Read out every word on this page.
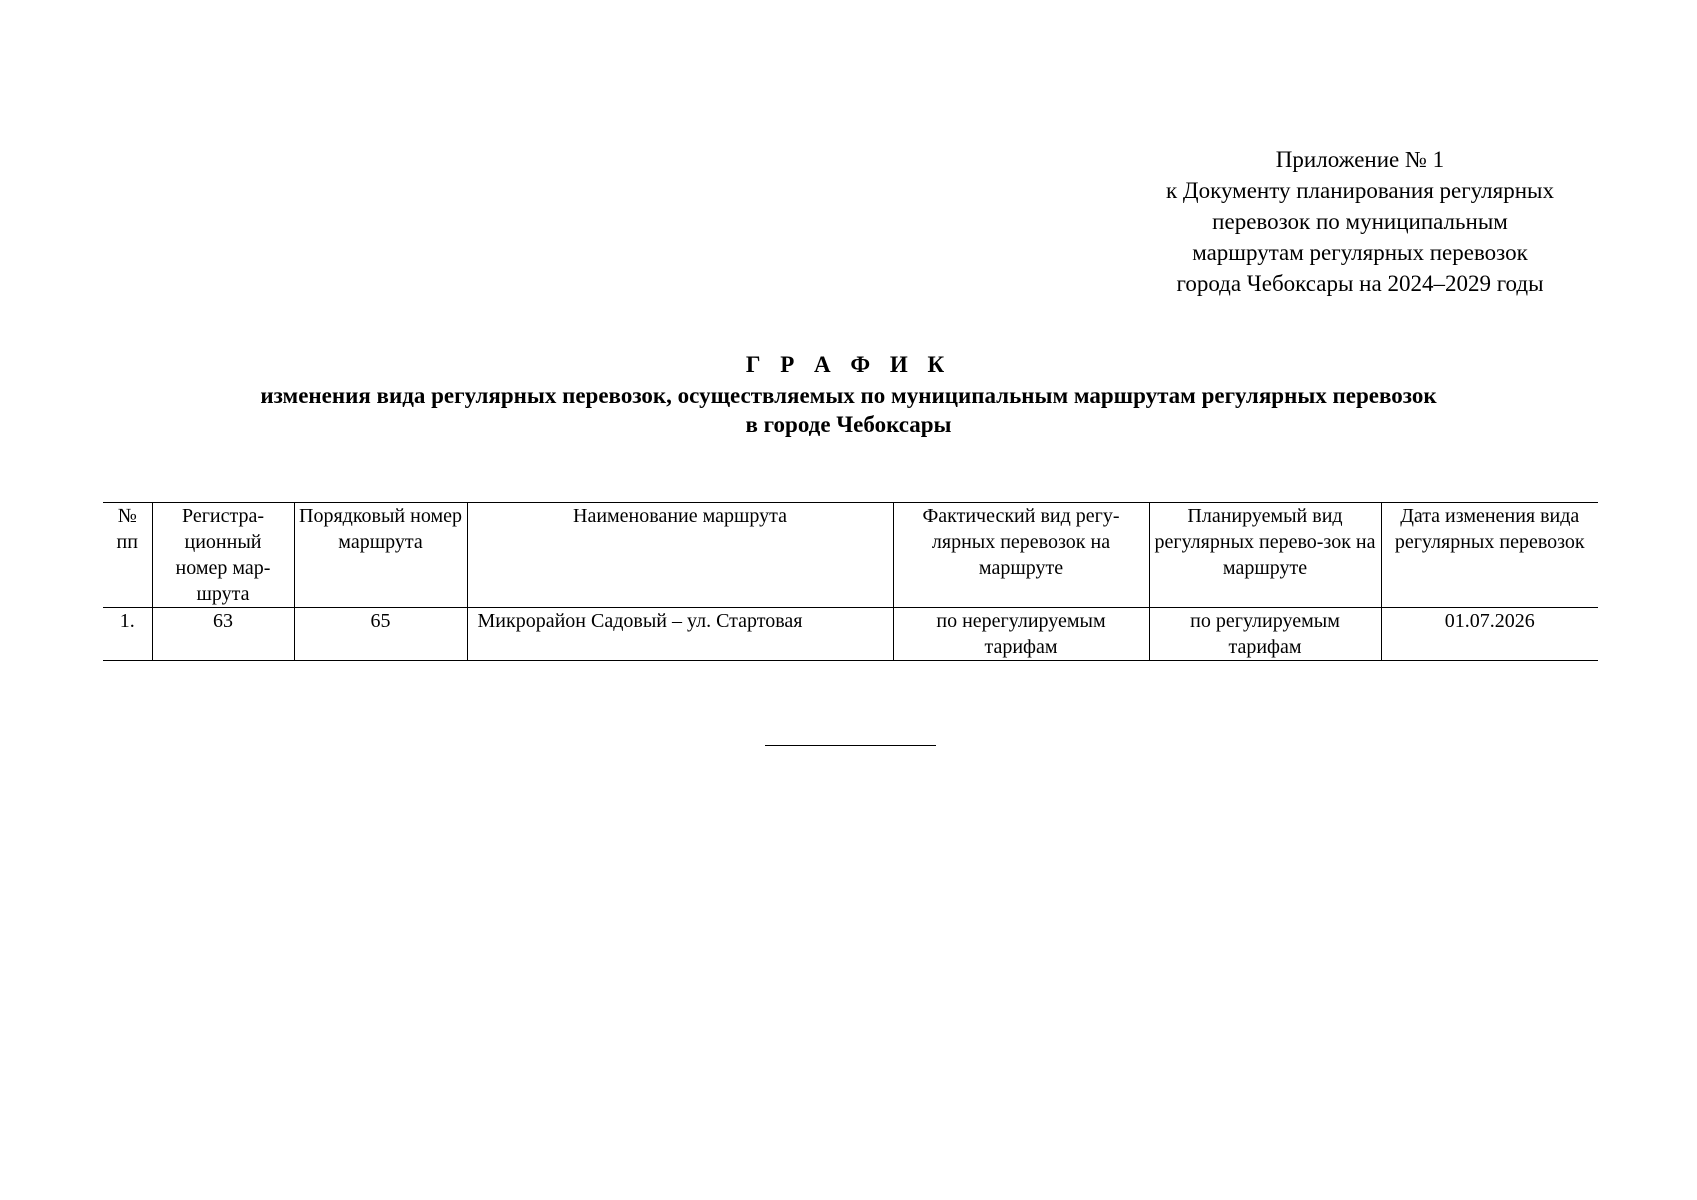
Приложение № 1
к Документу планирования регулярных
перевозок по муниципальным
маршрутам регулярных перевозок
города Чебоксары на 2024–2029 годы
Г Р А Ф И К
изменения вида регулярных перевозок, осуществляемых по муниципальным маршрутам регулярных перевозок
в городе Чебоксары
№ пп	Регистра-ционный номер мар-шрута	Порядковый номер маршрута	Наименование маршрута	Фактический вид регу-лярных перевозок на маршруте	Планируемый вид регулярных перево-зок на маршруте	Дата изменения вида регулярных перевозок
1.	63	65	Микрорайон Садовый – ул. Стартовая	по нерегулируемым тарифам	по регулируемым тарифам	01.07.2026
